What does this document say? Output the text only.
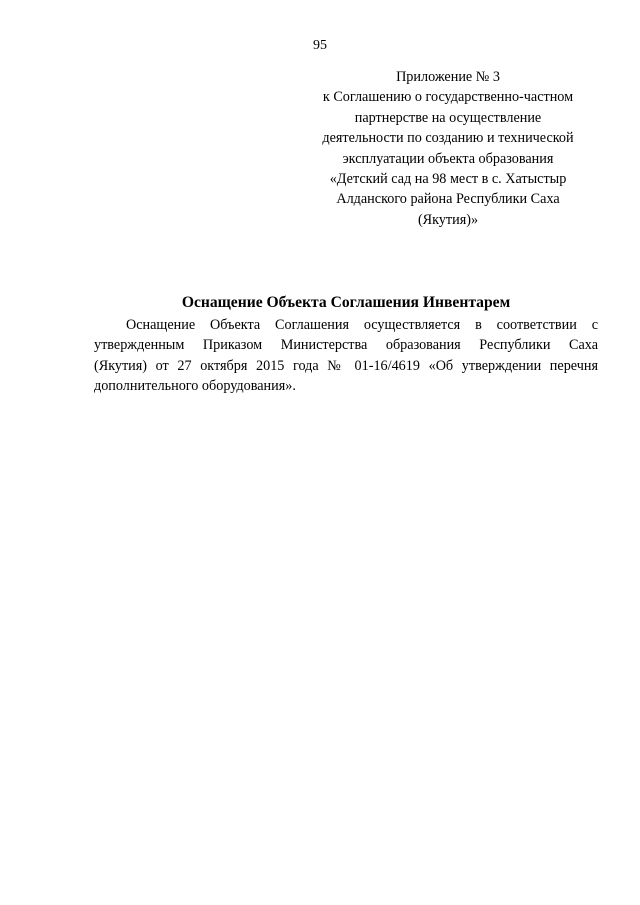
95
Приложение № 3
к Соглашению о государственно-частном
партнерстве на осуществление
деятельности по созданию и технической
эксплуатации объекта образования
«Детский сад на 98 мест в с. Хатыстыр
Алданского района Республики Саха
(Якутия)»
Оснащение Объекта Соглашения Инвентарем
Оснащение Объекта Соглашения осуществляется в соответствии с
утвержденным Приказом Министерства образования Республики Саха
(Якутия) от 27 октября 2015 года № 01-16/4619 «Об утверждении перечня
дополнительного оборудования».
